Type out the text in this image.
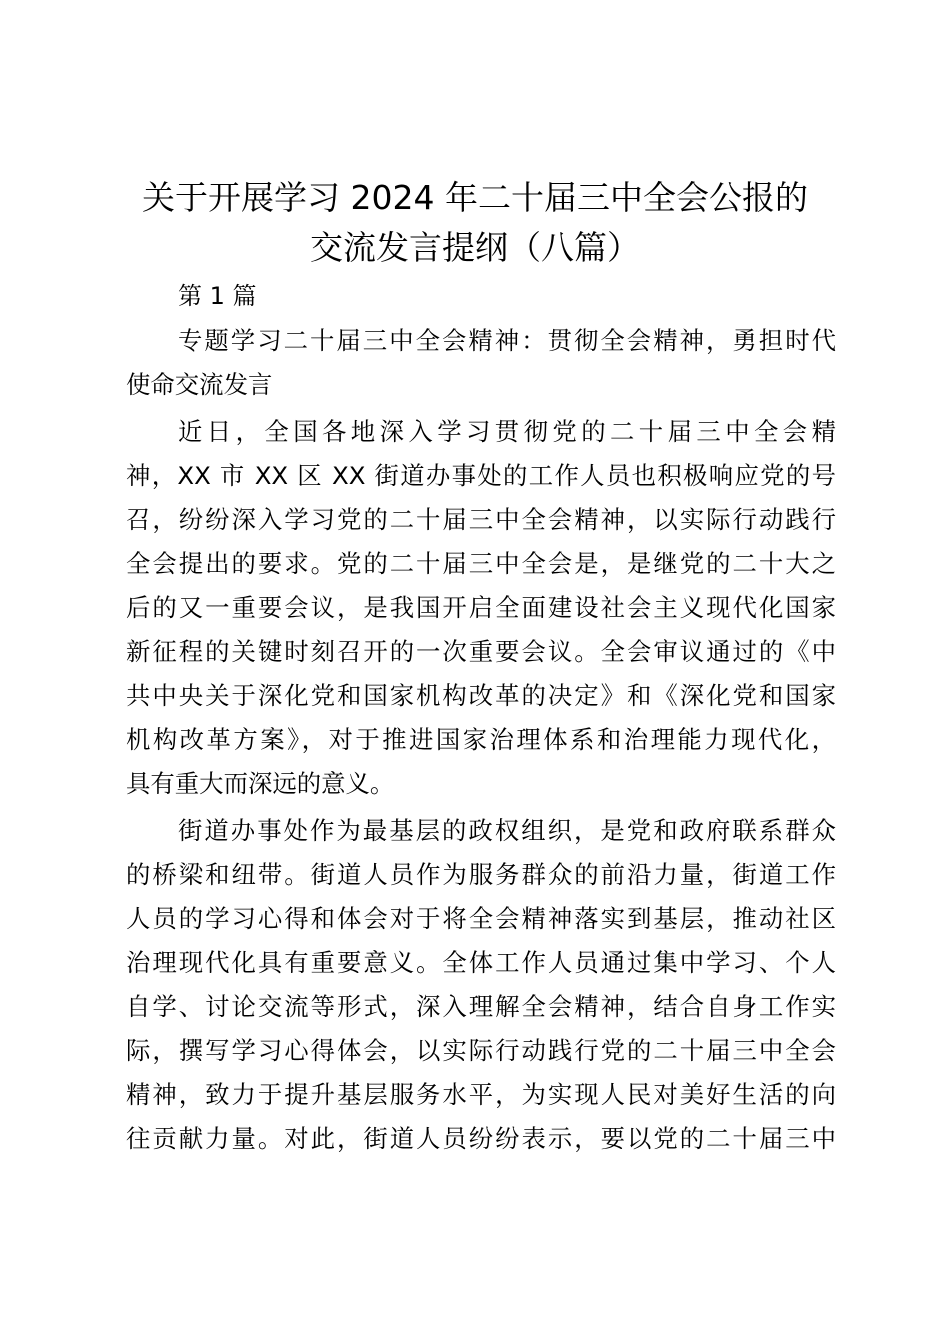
关于开展学习 2024 年二十届三中全会公报的
交流发言提纲（八篇）
第 1 篇
专题学习二十届三中全会精神：贯彻全会精神，勇担时代
使命交流发言
近日，全国各地深入学习贯彻党的二十届三中全会精
神，XX 市 XX 区 XX 街道办事处的工作人员也积极响应党的号
召，纷纷深入学习党的二十届三中全会精神，以实际行动践行
全会提出的要求。党的二十届三中全会是，是继党的二十大之
后的又一重要会议，是我国开启全面建设社会主义现代化国家
新征程的关键时刻召开的一次重要会议。全会审议通过的《中
共中央关于深化党和国家机构改革的决定》和《深化党和国家
机构改革方案》，对于推进国家治理体系和治理能力现代化，
具有重大而深远的意义。
街道办事处作为最基层的政权组织，是党和政府联系群众
的桥梁和纽带。街道人员作为服务群众的前沿力量，街道工作
人员的学习心得和体会对于将全会精神落实到基层，推动社区
治理现代化具有重要意义。全体工作人员通过集中学习、个人
自学、讨论交流等形式，深入理解全会精神，结合自身工作实
际，撰写学习心得体会，以实际行动践行党的二十届三中全会
精神，致力于提升基层服务水平，为实现人民对美好生活的向
往贡献力量。对此，街道人员纷纷表示，要以党的二十届三中
